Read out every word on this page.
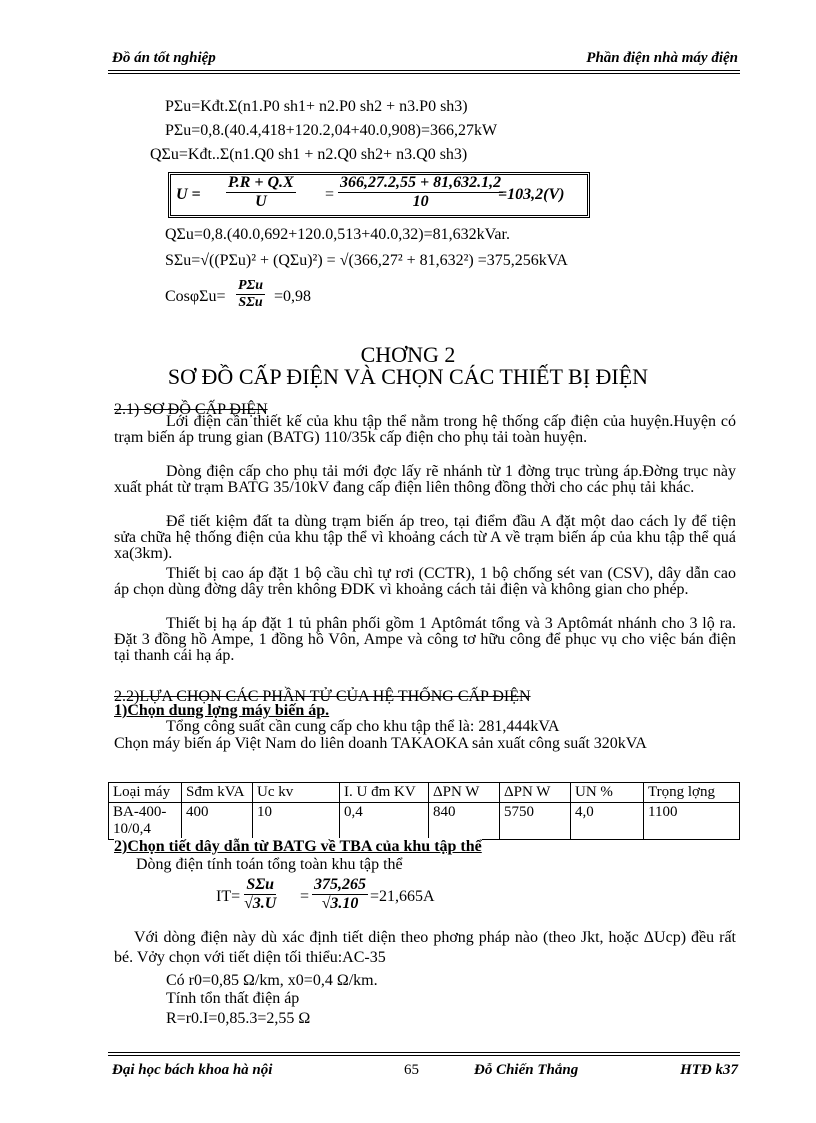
Đồ án tốt nghiệp	Phần điện nhà máy điện
PΣu=Kđt.Σ(n1.P0 sh1+ n2.P0 sh2 + n3.P0 sh3)
PΣu=0,8.(40.4,418+120.2,04+40.0,908)=366,27kW
QΣu=Kđt..Σ(n1.Q0 sh1 + n2.Q0 sh2+ n3.Q0 sh3)
$U = \frac{P.R + Q.X}{U} = \frac{366,27.2,55 + 81,632.1,2}{10}$
=103,2(V)
QΣu=0,8.(40.0,692+120.0,513+40.0,32)=81,632kVar.
SΣu=√((PΣu)² + (QΣu)²) = √(366,27² + 81,632²) =375,256kVA
CosφΣu=
PΣu
SΣu =0,98
CHƠNG 2
SƠ ĐỒ CẤP ĐIỆN VÀ CHỌN CÁC THIẾT BỊ ĐIỆN
2.1) SƠ ĐỒ CẤP ĐIỆN
Lới điện cần thiết kế của khu tập thể nằm trong hệ thống cấp điện của huyện.Huyện có trạm biến áp trung gian (BATG) 110/35k cấp điện cho phụ tải toàn huyện.
Dòng điện cấp cho phụ tải mới đợc lấy rẽ nhánh từ 1 đờng trục trùng áp.Đờng trục này xuất phát từ trạm BATG 35/10kV đang cấp điện liên thông đồng thời cho các phụ tải khác.
Để tiết kiệm đất ta dùng trạm biến áp treo, tại điểm đầu A đặt một dao cách ly để tiện sửa chữa hệ thống điện của khu tập thể vì khoảng cách từ A về trạm biến áp của khu tập thể quá xa(3km).
Thiết bị cao áp đặt 1 bộ cầu chì tự rơi (CCTR), 1 bộ chống sét van (CSV), dây dẫn cao áp chọn dùng đờng dây trên không ĐDK vì khoảng cách tải điện và không gian cho phép.
Thiết bị hạ áp đặt 1 tủ phân phối gồm 1 Aptômát tổng và 3 Aptômát nhánh cho 3 lộ ra. Đặt 3 đồng hồ Ampe, 1 đồng hồ Vôn, Ampe và công tơ hữu công để phục vụ cho việc bán điện tại thanh cái hạ áp.
2.2)LỰA CHỌN CÁC PHẦN TỬ CỦA HỆ THỐNG CẤP ĐIỆN
1)Chọn dung lợng máy biến áp.
Tổng công suất cần cung cấp cho khu tập thể là: 281,444kVA
Chọn máy biến áp Việt Nam do liên doanh TAKAOKA sản xuất công suất 320kVA
Loại máy	Sđm kVA	Uc kv	I. U đm KV	ΔPN W	ΔPN W	UN %	Trọng lợng
BA-400-10/0,4	400	10	0,4	840	5750	4,0	1100
2)Chọn tiết dây dẫn từ BATG về TBA của khu tập thể
Dòng điện tính toán tổng toàn khu tập thể
IT=
SΣu
$√3.U = \frac{375,265}{√3.10} =21,665A$
Với dòng điện này dù xác định tiết diện theo phơng pháp nào (theo Jkt, hoặc ΔUcp) đều rất bé. Vởy chọn với tiết diện tối thiểu:AC-35
Có r0=0,85 Ω/km, x0=0,4 Ω/km.
Tính tổn thất điện áp
R=r0.I=0,85.3=2,55 Ω
Đại học bách khoa hà nội	65	Đỗ Chiến Thắng	HTĐ k37
